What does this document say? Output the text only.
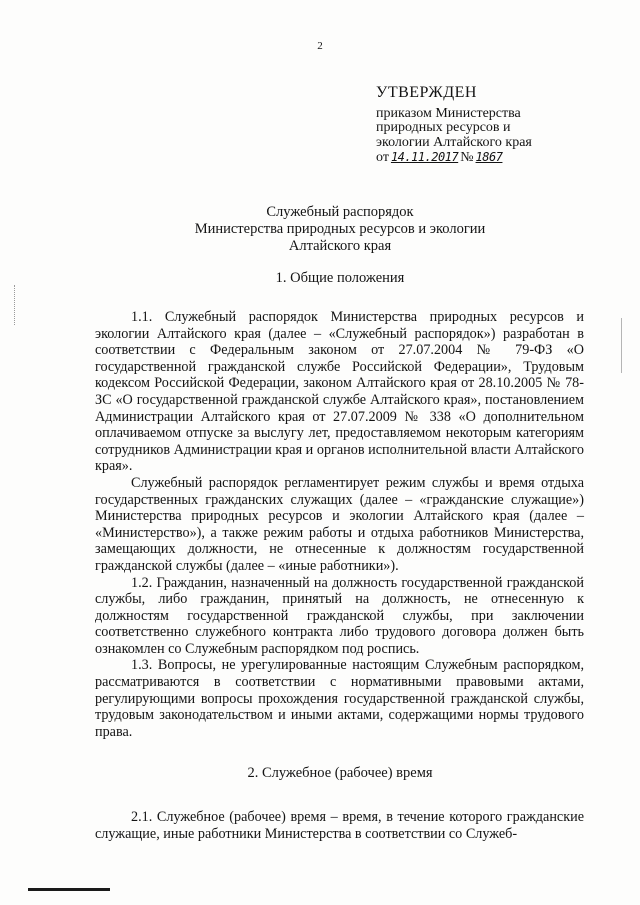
2
УТВЕРЖДЕН
приказом Министерства
природных ресурсов и
экологии Алтайского края
от 14.11.2017 № 1867
Служебный распорядок
Министерства природных ресурсов и экологии
Алтайского края
1. Общие положения

1.1. Служебный распорядок Министерства природных ресурсов и экологии Алтайского края (далее – «Служебный распорядок») разработан в соответствии с Федеральным законом от 27.07.2004 № 79-ФЗ «О государственной гражданской службе Российской Федерации», Трудовым кодексом Российской Федерации, законом Алтайского края от 28.10.2005 № 78-ЗС «О государственной гражданской службе Алтайского края», постановлением Администрации Алтайского края от 27.07.2009 № 338 «О дополнительном оплачиваемом отпуске за выслугу лет, предоставляемом некоторым категориям сотрудников Администрации края и органов исполнительной власти Алтайского края».

Служебный распорядок регламентирует режим службы и время отдыха государственных гражданских служащих (далее – «гражданские служащие») Министерства природных ресурсов и экологии Алтайского края (далее – «Министерство»), а также режим работы и отдыха работников Министерства, замещающих должности, не отнесенные к должностям государственной гражданской службы (далее – «иные работники»).

1.2. Гражданин, назначенный на должность государственной гражданской службы, либо гражданин, принятый на должность, не отнесенную к должностям государственной гражданской службы, при заключении соответственно служебного контракта либо трудового договора должен быть ознакомлен со Служебным распорядком под роспись.

1.3. Вопросы, не урегулированные настоящим Служебным распорядком, рассматриваются в соответствии с нормативными правовыми актами, регулирующими вопросы прохождения государственной гражданской службы, трудовым законодательством и иными актами, содержащими нормы трудового права.

2. Служебное (рабочее) время

2.1. Служебное (рабочее) время – время, в течение которого гражданские служащие, иные работники Министерства в соответствии со Служеб-
